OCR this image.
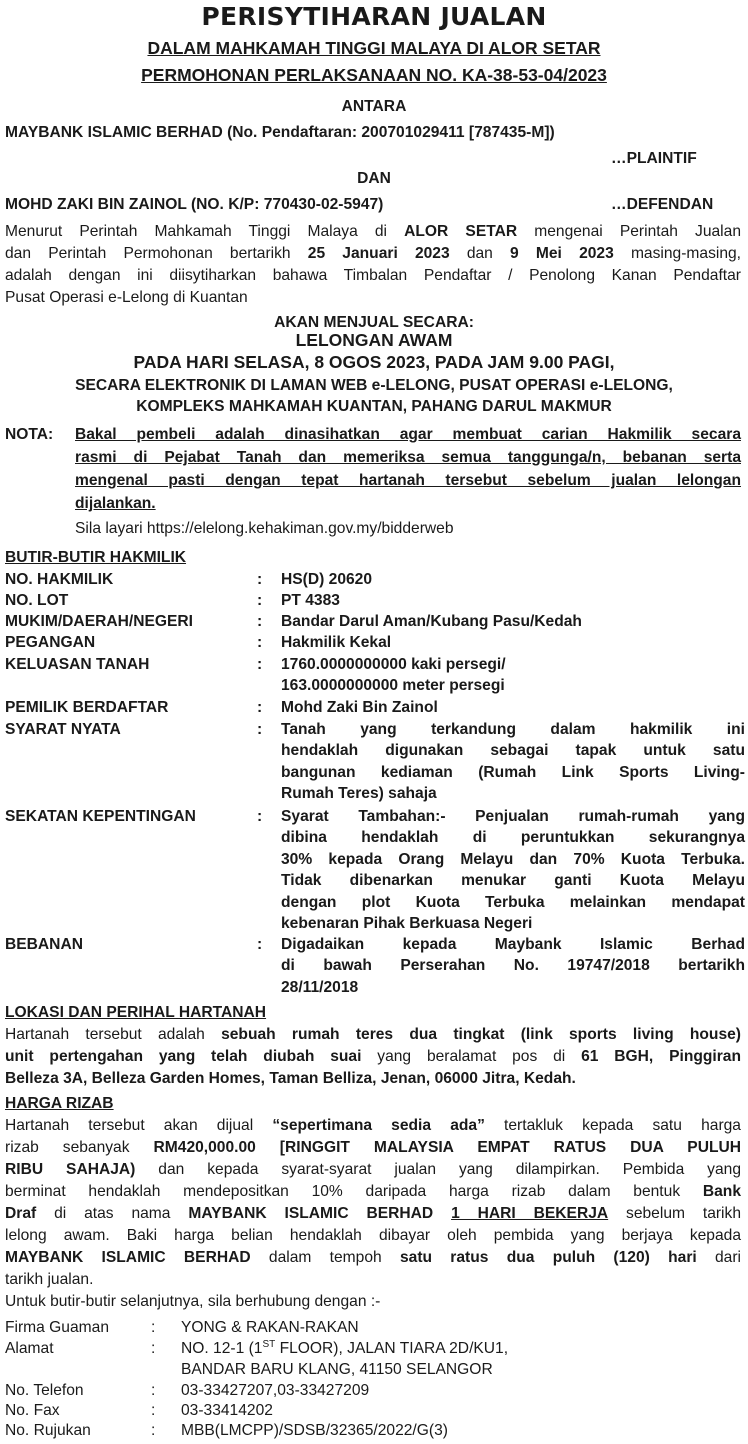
PERISYTIHARAN JUALAN
DALAM MAHKAMAH TINGGI MALAYA DI ALOR SETAR
PERMOHONAN PERLAKSANAAN NO. KA-38-53-04/2023
ANTARA
MAYBANK ISLAMIC BERHAD (No. Pendaftaran: 200701029411 [787435-M])
…PLAINTIF
DAN
MOHD ZAKI BIN ZAINOL (NO. K/P: 770430-02-5947)	…DEFENDAN
Menurut Perintah Mahkamah Tinggi Malaya di ALOR SETAR mengenai Perintah Jualan
dan Perintah Permohonan bertarikh 25 Januari 2023 dan 9 Mei 2023 masing-masing,
adalah dengan ini diisytiharkan bahawa Timbalan Pendaftar / Penolong Kanan Pendaftar
Pusat Operasi e-Lelong di Kuantan
AKAN MENJUAL SECARA:
LELONGAN AWAM
PADA HARI SELASA, 8 OGOS 2023, PADA JAM 9.00 PAGI,
SECARA ELEKTRONIK DI LAMAN WEB e-LELONG, PUSAT OPERASI e-LELONG,
KOMPLEKS MAHKAMAH KUANTAN, PAHANG DARUL MAKMUR
NOTA: Bakal pembeli adalah dinasihatkan agar membuat carian Hakmilik secara
rasmi di Pejabat Tanah dan memeriksa semua tanggunga/n, bebanan serta
mengenal pasti dengan tepat hartanah tersebut sebelum jualan lelongan
dijalankan.
Sila layari https://elelong.kehakiman.gov.my/bidderweb
BUTIR-BUTIR HAKMILIK
NO. HAKMILIK	: HS(D) 20620
NO. LOT	: PT 4383
MUKIM/DAERAH/NEGERI	: Bandar Darul Aman/Kubang Pasu/Kedah
PEGANGAN	: Hakmilik Kekal
KELUASAN TANAH	: 1760.0000000000 kaki persegi/
163.0000000000 meter persegi
PEMILIK BERDAFTAR	: Mohd Zaki Bin Zainol
SYARAT NYATA	: Tanah yang terkandung dalam hakmilik ini
hendaklah digunakan sebagai tapak untuk satu
bangunan kediaman (Rumah Link Sports Living-
Rumah Teres) sahaja
SEKATAN KEPENTINGAN	: Syarat Tambahan:- Penjualan rumah-rumah yang
dibina hendaklah di peruntukkan sekurangnya
30% kepada Orang Melayu dan 70% Kuota Terbuka.
Tidak dibenarkan menukar ganti Kuota Melayu
dengan plot Kuota Terbuka melainkan mendapat
kebenaran Pihak Berkuasa Negeri
BEBANAN	: Digadaikan kepada Maybank Islamic Berhad
di bawah Perserahan No. 19747/2018 bertarikh
28/11/2018
LOKASI DAN PERIHAL HARTANAH
Hartanah tersebut adalah sebuah rumah teres dua tingkat (link sports living house)
unit pertengahan yang telah diubah suai yang beralamat pos di 61 BGH, Pinggiran
Belleza 3A, Belleza Garden Homes, Taman Belliza, Jenan, 06000 Jitra, Kedah.
HARGA RIZAB
Hartanah tersebut akan dijual “sepertimana sedia ada” tertakluk kepada satu harga
rizab sebanyak RM420,000.00 [RINGGIT MALAYSIA EMPAT RATUS DUA PULUH
RIBU SAHAJA) dan kepada syarat-syarat jualan yang dilampirkan. Pembida yang
berminat hendaklah mendepositkan 10% daripada harga rizab dalam bentuk Bank
Draf di atas nama MAYBANK ISLAMIC BERHAD 1 HARI BEKERJA sebelum tarikh
lelong awam. Baki harga belian hendaklah dibayar oleh pembida yang berjaya kepada
MAYBANK ISLAMIC BERHAD dalam tempoh satu ratus dua puluh (120) hari dari
tarikh jualan.
Untuk butir-butir selanjutnya, sila berhubung dengan :-
Firma Guaman	: YONG & RAKAN-RAKAN
Alamat	: NO. 12-1 (1ST FLOOR), JALAN TIARA 2D/KU1,
BANDAR BARU KLANG, 41150 SELANGOR
No. Telefon	: 03-33427207,03-33427209
No. Fax	: 03-33414202
No. Rujukan	: MBB(LMCPP)/SDSB/32365/2022/G(3)
